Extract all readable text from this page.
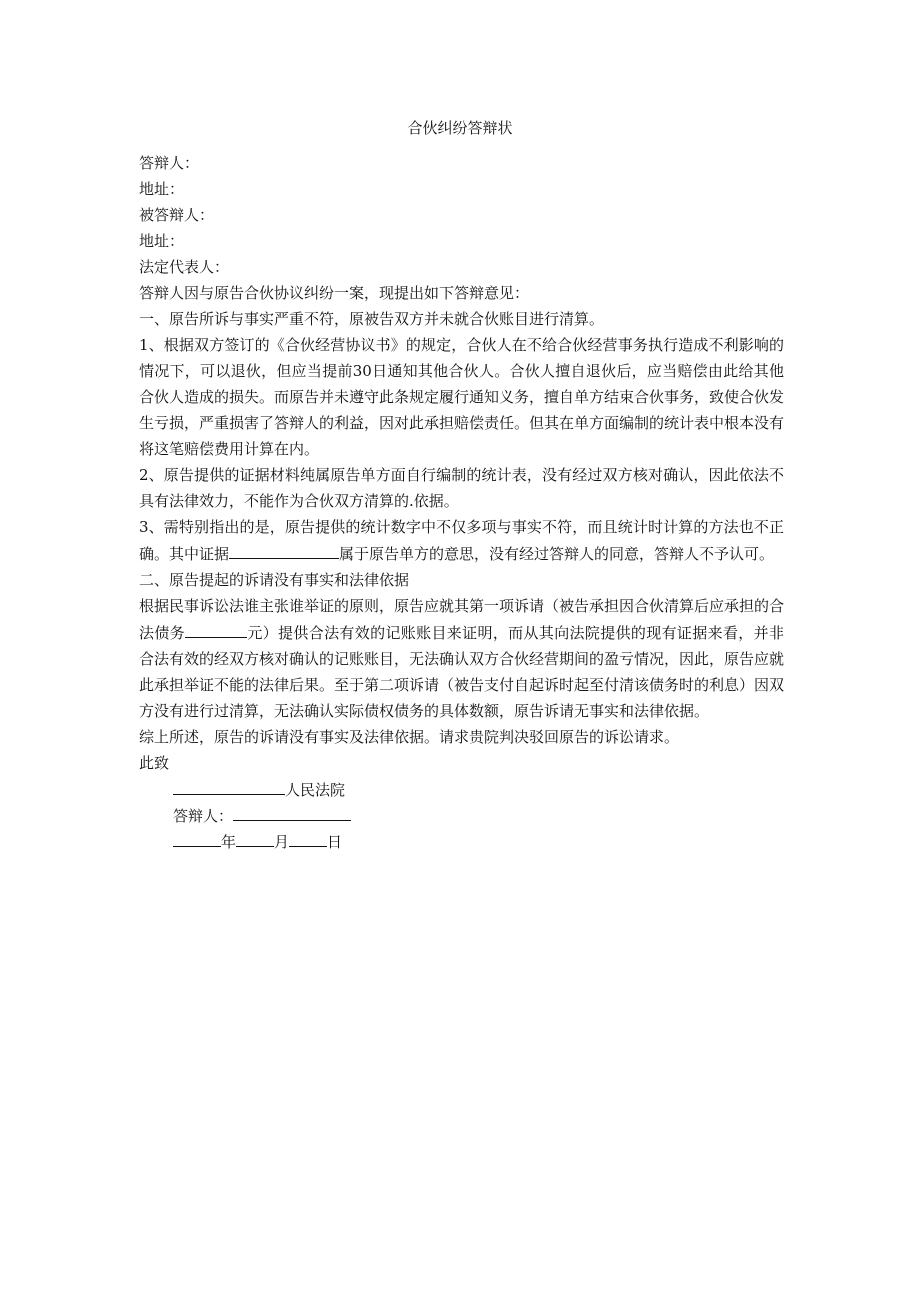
合伙纠纷答辩状
答辩人：
地址：
被答辩人：
地址：
法定代表人：
答辩人因与原告合伙协议纠纷一案，现提出如下答辩意见：
一、原告所诉与事实严重不符，原被告双方并未就合伙账目进行清算。
1、根据双方签订的《合伙经营协议书》的规定，合伙人在不给合伙经营事务执行造成不利影响的情况下，可以退伙，但应当提前30日通知其他合伙人。合伙人擅自退伙后，应当赔偿由此给其他合伙人造成的损失。而原告并未遵守此条规定履行通知义务，擅自单方结束合伙事务，致使合伙发生亏损，严重损害了答辩人的利益，因对此承担赔偿责任。但其在单方面编制的统计表中根本没有将这笔赔偿费用计算在内。
2、原告提供的证据材料纯属原告单方面自行编制的统计表，没有经过双方核对确认，因此依法不具有法律效力，不能作为合伙双方清算的.依据。
3、需特别指出的是，原告提供的统计数字中不仅多项与事实不符，而且统计时计算的方法也不正确。其中证据	属于原告单方的意思，没有经过答辩人的同意，答辩人不予认可。
二、原告提起的诉请没有事实和法律依据
根据民事诉讼法谁主张谁举证的原则，原告应就其第一项诉请（被告承担因合伙清算后应承担的合法债务	元）提供合法有效的记账账目来证明，而从其向法院提供的现有证据来看，并非合法有效的经双方核对确认的记账账目，无法确认双方合伙经营期间的盈亏情况，因此，原告应就此承担举证不能的法律后果。至于第二项诉请（被告支付自起诉时起至付清该债务时的利息）因双方没有进行过清算，无法确认实际债权债务的具体数额，原告诉请无事实和法律依据。
综上所述，原告的诉请没有事实及法律依据。请求贵院判决驳回原告的诉讼请求。
此致
人民法院
答辩人：
年	月	日
